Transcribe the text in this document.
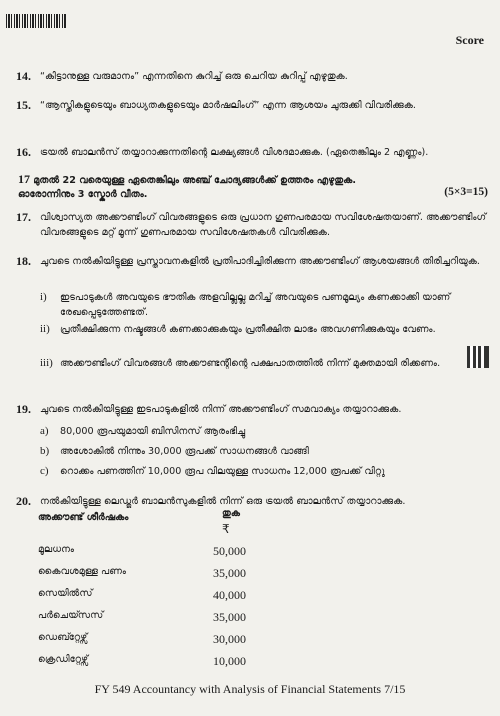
Score
14. “കിട്ടാനുള്ള വരുമാനം” എന്നതിനെ കുറിച്ച് ഒരു ചെറിയ കുറിപ്പ് എഴുതുക.
15. “ആസ്തികളുടെയും ബാധ്യതകളുടെയും മാർഷലിംഗ്” എന്ന ആശയം ചുരുക്കി വിവരിക്കുക.
16. ട്രയൽ ബാലൻസ് തയ്യാറാക്കുന്നതിന്റെ ലക്ഷ്യങ്ങൾ വിശദമാക്കുക. (ഏതെങ്കിലും 2 എണ്ണം).
17 മുതൽ 22 വരെയുള്ള ഏതെങ്കിലും അഞ്ച് ചോദ്യങ്ങൾക്ക് ഉത്തരം എഴുതുക.
ഓരോന്നിനും 3 സ്കോർ വീതം.	(5×3=15)
17. വിശ്വാസ്യത അക്കൗണ്ടിംഗ് വിവരങ്ങളുടെ ഒരു പ്രധാന ഗുണപരമായ സവിശേഷതയാണ്. അക്കൗണ്ടിംഗ് വിവരങ്ങളുടെ മറ്റ് മൂന്ന് ഗുണപരമായ സവിശേഷതകൾ വിവരിക്കുക.
18. ചുവടെ നൽകിയിട്ടുള്ള പ്രസ്താവനകളിൽ പ്രതിപാദിച്ചിരിക്കുന്ന അക്കൗണ്ടിംഗ് ആശയങ്ങൾ തിരിച്ചറിയുക.
i) ഇടപാടുകൾ അവയുടെ ഭൗതിക അളവില്ലല്ല മറിച്ച് അവയുടെ പണമൂല്യം കണക്കാക്കി യാണ് രേഖപ്പെടുത്തേണ്ടത്.
ii) പ്രതീക്ഷിക്കുന്ന നഷ്ടങ്ങൾ കണക്കാക്കുകയും പ്രതീക്ഷിത ലാഭം അവഗണിക്കുകയും വേണം.
iii) അക്കൗണ്ടിംഗ് വിവരങ്ങൾ അക്കൗണ്ടന്റിന്റെ പക്ഷപാതത്തിൽ നിന്ന് മുക്തമായി രിക്കണം.
19. ചുവടെ നൽകിയിട്ടുള്ള ഇടപാടുകളിൽ നിന്ന് അക്കൗണ്ടിംഗ് സമവാക്യം തയ്യാറാക്കുക.
a) 80,000 രൂപയുമായി ബിസിനസ് ആരംഭിച്ചു
b) അശോകിൽ നിന്നും 30,000 രൂപക്ക് സാധനങ്ങൾ വാങ്ങി
c) റൊക്കം പണത്തിന് 10,000 രൂപ വിലയുള്ള സാധനം 12,000 രൂപക്ക് വിറ്റു
20. നൽകിയിട്ടുള്ള ലെഡ്ജർ ബാലൻസുകളിൽ നിന്ന് ഒരു ട്രയൽ ബാലൻസ് തയ്യാറാക്കുക.
അക്കൗണ്ട് ശീർഷകം	തുക
₹
മൂലധനം	50,000
കൈവശമുള്ള പണം	35,000
സെയിൽസ്	40,000
പർചെയ്സസ്	35,000
ഡെബ്റ്റേഴ്സ്	30,000
ക്രെഡിറ്റേഴ്സ്	10,000
FY 549 Accountancy with Analysis of Financial Statements 7/15
